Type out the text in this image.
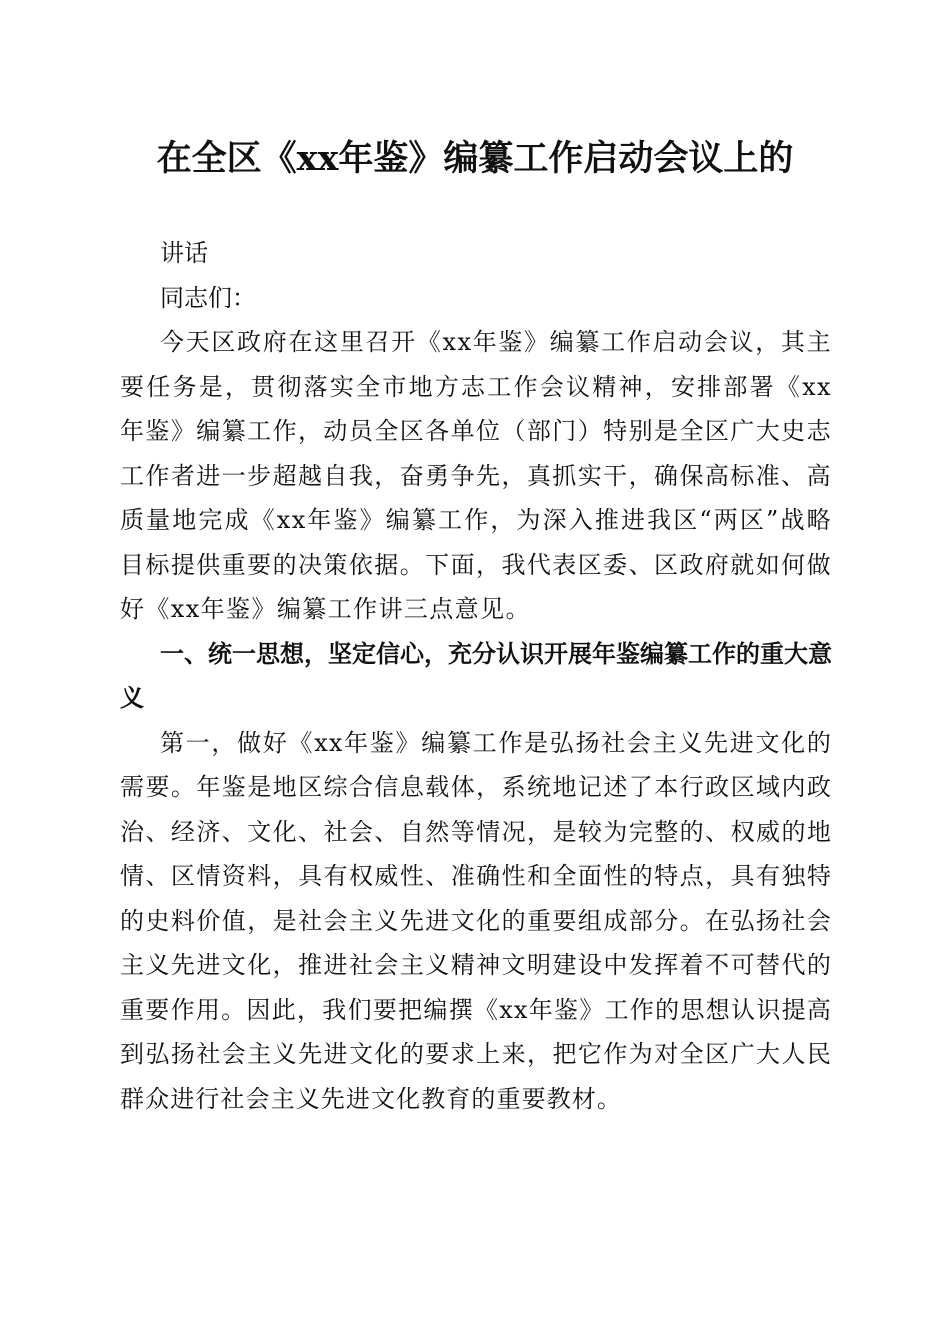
在全区《xx年鉴》编纂工作启动会议上的

讲话

同志们：

今天区政府在这里召开《xx年鉴》编纂工作启动会议，其主要任务是，贯彻落实全市地方志工作会议精神，安排部署《xx年鉴》编纂工作，动员全区各单位（部门）特别是全区广大史志工作者进一步超越自我，奋勇争先，真抓实干，确保高标准、高质量地完成《xx年鉴》编纂工作，为深入推进我区“两区”战略目标提供重要的决策依据。下面，我代表区委、区政府就如何做好《xx年鉴》编纂工作讲三点意见。

一、统一思想，坚定信心，充分认识开展年鉴编纂工作的重大意义

第一，做好《xx年鉴》编纂工作是弘扬社会主义先进文化的需要。年鉴是地区综合信息载体，系统地记述了本行政区域内政治、经济、文化、社会、自然等情况，是较为完整的、权威的地情、区情资料，具有权威性、准确性和全面性的特点，具有独特的史料价值，是社会主义先进文化的重要组成部分。在弘扬社会主义先进文化，推进社会主义精神文明建设中发挥着不可替代的重要作用。因此，我们要把编撰《xx年鉴》工作的思想认识提高到弘扬社会主义先进文化的要求上来，把它作为对全区广大人民群众进行社会主义先进文化教育的重要教材。
